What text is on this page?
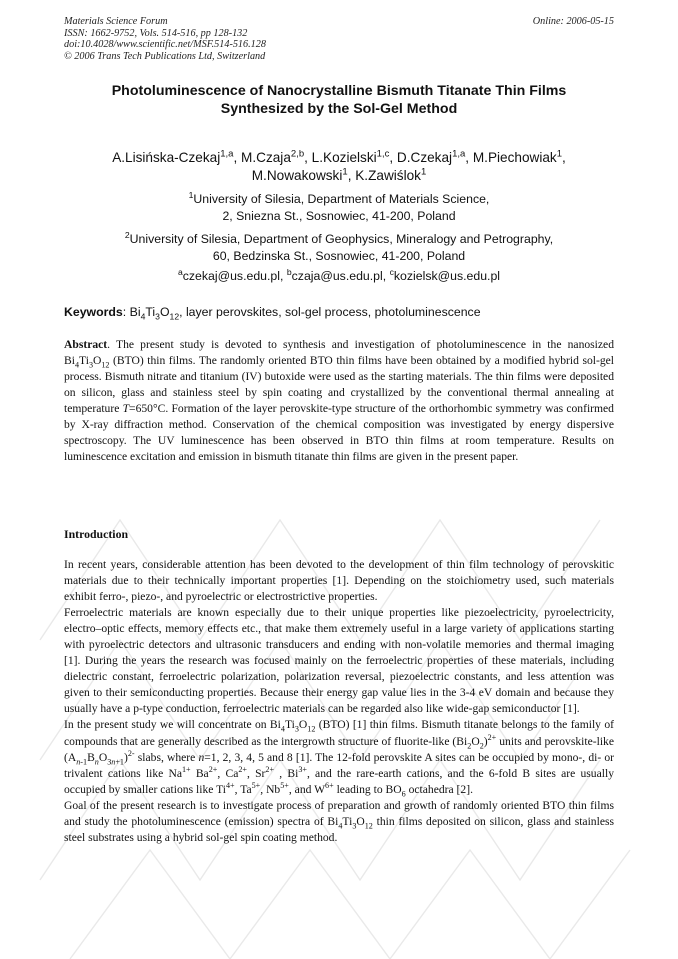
Materials Science Forum
ISSN: 1662-9752, Vols. 514-516, pp 128-132
doi:10.4028/www.scientific.net/MSF.514-516.128
© 2006 Trans Tech Publications Ltd, Switzerland
Online: 2006-05-15
Photoluminescence of Nanocrystalline Bismuth Titanate Thin Films
Synthesized by the Sol-Gel Method
A.Lisińska-Czekaj$^{1,a}$, M.Czaja$^{2,b}$, L.Kozielski$^{1,c}$, D.Czekaj$^{1,a}$, M.Piechowiak$^1$,
M.Nowakowski$^1$, K.Zawiślok$^1$
$^1$University of Silesia, Department of Materials Science,
2, Sniezna St., Sosnowiec, 41-200, Poland
$^2$University of Silesia, Department of Geophysics, Mineralogy and Petrography,
60, Bedzinska St., Sosnowiec, 41-200, Poland
$^a$czekaj@us.edu.pl, $^b$czaja@us.edu.pl, $^c$kozielsk@us.edu.pl
Keywords: $Bi_4Ti_3O_{12}$, layer perovskites, sol-gel process, photoluminescence

Abstract. The present study is devoted to synthesis and investigation of photoluminescence in the nanosized $Bi_4Ti_3O_{12}$ (BTO) thin films. The randomly oriented BTO thin films have been obtained by a modified hybrid sol-gel process. Bismuth nitrate and titanium (IV) butoxide were used as the starting materials. The thin films were deposited on silicon, glass and stainless steel by spin coating and crystallized by the conventional thermal annealing at temperature T=650°C. Formation of the layer perovskite-type structure of the orthorhombic symmetry was confirmed by X-ray diffraction method. Conservation of the chemical composition was investigated by energy dispersive spectroscopy. The UV luminescence has been observed in BTO thin films at room temperature. Results on luminescence excitation and emission in bismuth titanate thin films are given in the present paper.

Introduction

In recent years, considerable attention has been devoted to the development of thin film technology of perovskitic materials due to their technically important properties [1]. Depending on the stoichiometry used, such materials exhibit ferro-, piezo-, and pyroelectric or electrostrictive properties.

Ferroelectric materials are known especially due to their unique properties like piezoelectricity, pyroelectricity, electro–optic effects, memory effects etc., that make them extremely useful in a large variety of applications starting with pyroelectric detectors and ultrasonic transducers and ending with non-volatile memories and thermal imaging [1]. During the years the research was focused mainly on the ferroelectric properties of these materials, including dielectric constant, ferroelectric polarization, polarization reversal, piezoelectric constants, and less attention was given to their semiconducting properties. Because their energy gap value lies in the 3-4 eV domain and because they usually have a p-type conduction, ferroelectric materials can be regarded also like wide-gap semiconductor [1].

In the present study we will concentrate on $Bi_4Ti_3O_{12}$ (BTO) [1] thin films. Bismuth titanate belongs to the family of compounds that are generally described as the intergrowth structure of fluorite-like $(Bi_2O_2)^{2+}$ units and perovskite-like $(A_{n-1}B_nO_{3n+1})^{2-}$ slabs, where n=1, 2, 3, 4, 5 and 8 [1]. The 12-fold perovskite A sites can be occupied by mono-, di- or trivalent cations like $Na^{1+}$ $Ba^{2+}$, $Ca^{2+}$, $Sr^{2+}$ , $Bi^{3+}$, and the rare-earth cations, and the 6-fold B sites are usually occupied by smaller cations like $Ti^{4+}$, $Ta^{5+}$, $Nb^{5+}$, and $W^{6+}$ leading to $BO_6$ octahedra [2].

Goal of the present research is to investigate process of preparation and growth of randomly oriented BTO thin films and study the photoluminescence (emission) spectra of $Bi_4Ti_3O_{12}$ thin films deposited on silicon, glass and stainless steel substrates using a hybrid sol-gel spin coating method.
